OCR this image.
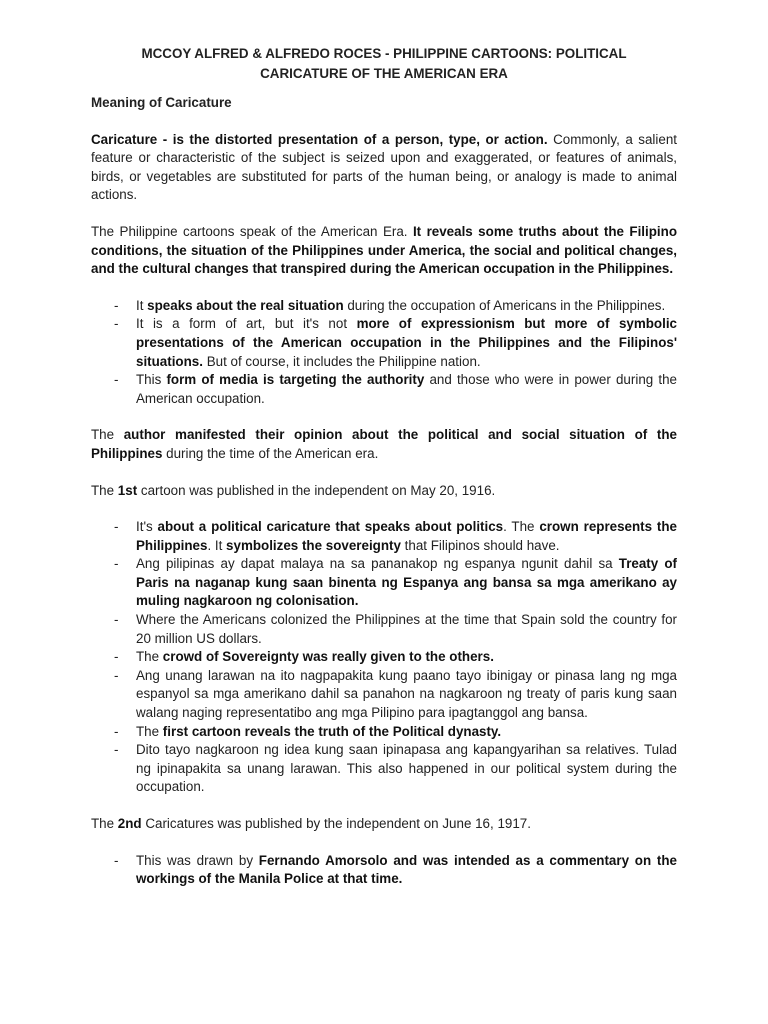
MCCOY ALFRED & ALFREDO ROCES - PHILIPPINE CARTOONS: POLITICAL
CARICATURE OF THE AMERICAN ERA
Meaning of Caricature

Caricature - is the distorted presentation of a person, type, or action. Commonly, a salient feature or characteristic of the subject is seized upon and exaggerated, or features of animals, birds, or vegetables are substituted for parts of the human being, or analogy is made to animal actions.

The Philippine cartoons speak of the American Era. It reveals some truths about the Filipino conditions, the situation of the Philippines under America, the social and political changes, and the cultural changes that transpired during the American occupation in the Philippines.

- It speaks about the real situation during the occupation of Americans in the Philippines.
- It is a form of art, but it's not more of expressionism but more of symbolic presentations of the American occupation in the Philippines and the Filipinos' situations. But of course, it includes the Philippine nation.
- This form of media is targeting the authority and those who were in power during the American occupation.

The author manifested their opinion about the political and social situation of the Philippines during the time of the American era.

The 1st cartoon was published in the independent on May 20, 1916.

- It's about a political caricature that speaks about politics. The crown represents the Philippines. It symbolizes the sovereignty that Filipinos should have.
- Ang pilipinas ay dapat malaya na sa pananakop ng espanya ngunit dahil sa Treaty of Paris na naganap kung saan binenta ng Espanya ang bansa sa mga amerikano ay muling nagkaroon ng colonisation.
- Where the Americans colonized the Philippines at the time that Spain sold the country for 20 million US dollars.
- The crowd of Sovereignty was really given to the others.
- Ang unang larawan na ito nagpapakita kung paano tayo ibinigay or pinasa lang ng mga espanyol sa mga amerikano dahil sa panahon na nagkaroon ng treaty of paris kung saan walang naging representatibo ang mga Pilipino para ipagtanggol ang bansa.
- The first cartoon reveals the truth of the Political dynasty.
- Dito tayo nagkaroon ng idea kung saan ipinapasa ang kapangyarihan sa relatives. Tulad ng ipinapakita sa unang larawan. This also happened in our political system during the occupation.

The 2nd Caricatures was published by the independent on June 16, 1917.

- This was drawn by Fernando Amorsolo and was intended as a commentary on the workings of the Manila Police at that time.
